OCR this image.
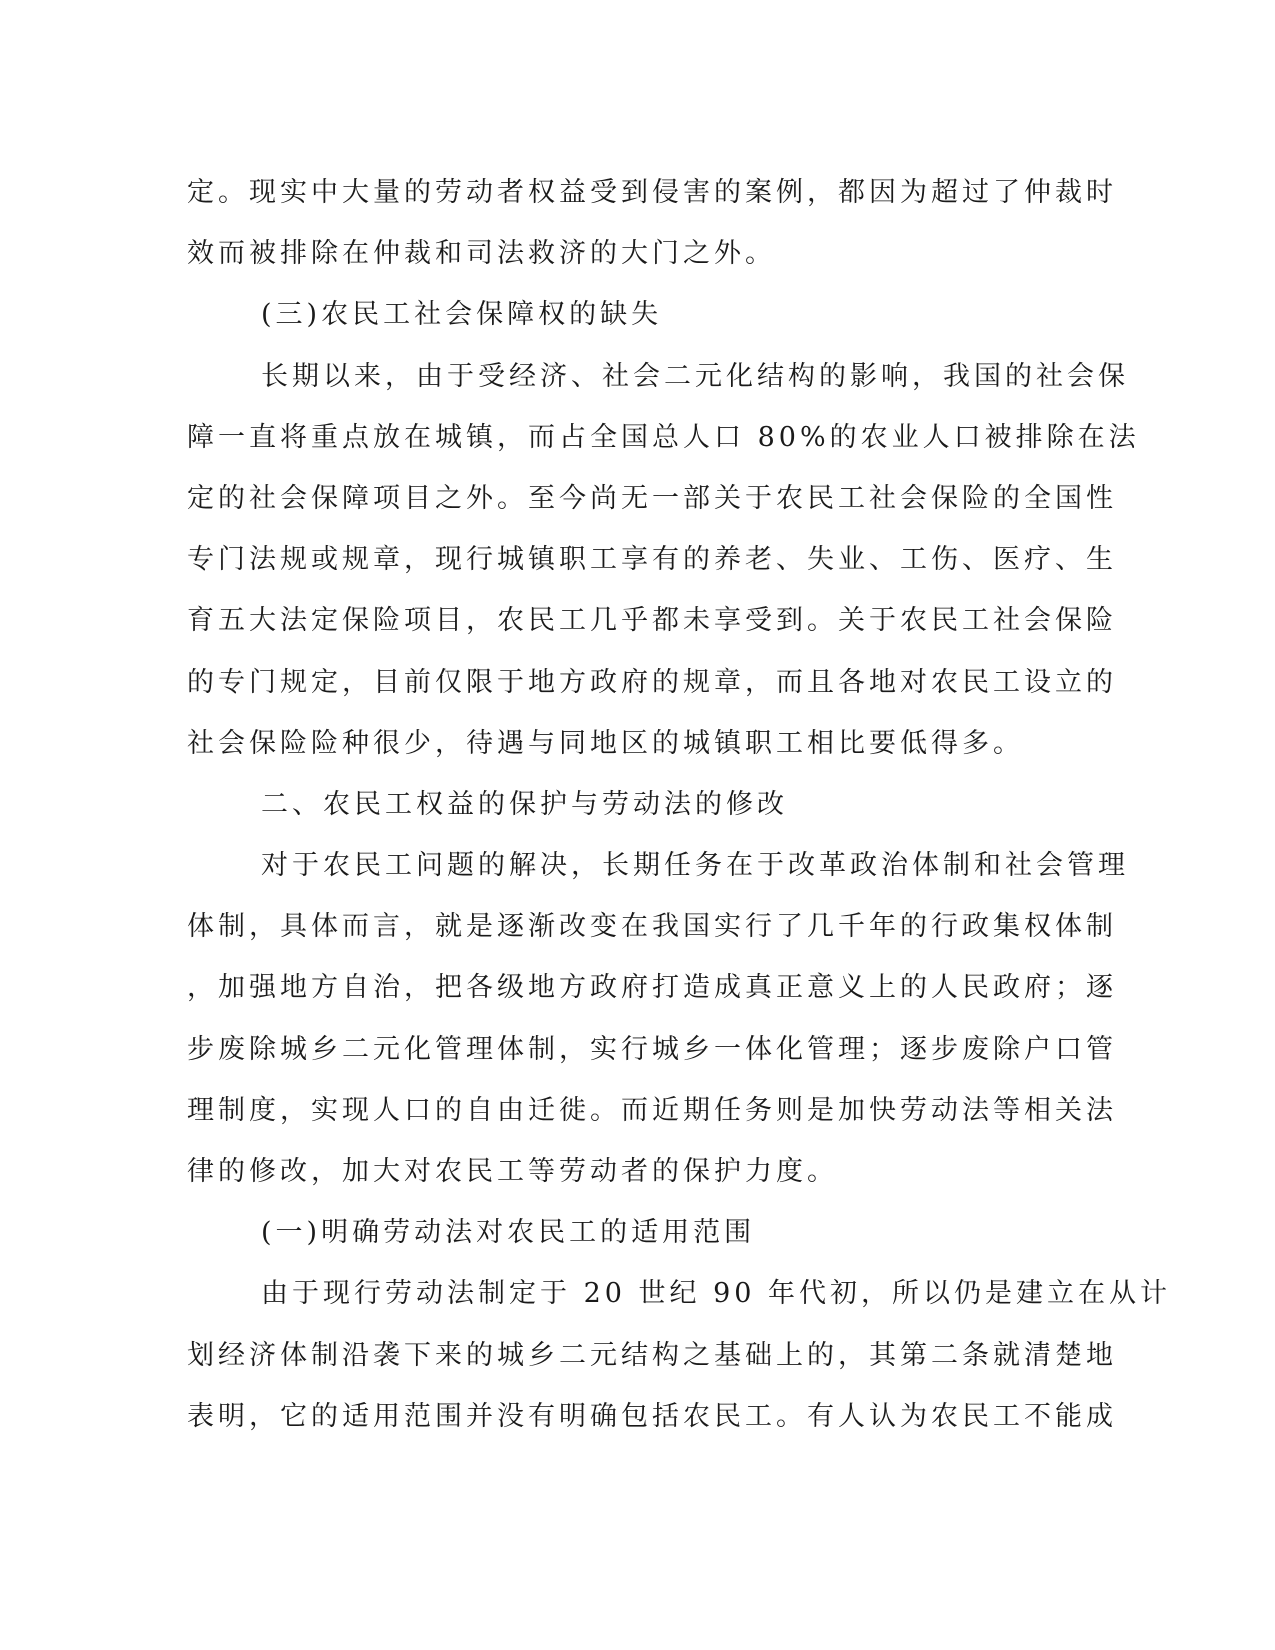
定。现实中大量的劳动者权益受到侵害的案例，都因为超过了仲裁时
效而被排除在仲裁和司法救济的大门之外。
(三)农民工社会保障权的缺失
长期以来，由于受经济、社会二元化结构的影响，我国的社会保
障一直将重点放在城镇，而占全国总人口 80%的农业人口被排除在法
定的社会保障项目之外。至今尚无一部关于农民工社会保险的全国性
专门法规或规章，现行城镇职工享有的养老、失业、工伤、医疗、生
育五大法定保险项目，农民工几乎都未享受到。关于农民工社会保险
的专门规定，目前仅限于地方政府的规章，而且各地对农民工设立的
社会保险险种很少，待遇与同地区的城镇职工相比要低得多。
二、农民工权益的保护与劳动法的修改
对于农民工问题的解决，长期任务在于改革政治体制和社会管理
体制，具体而言，就是逐渐改变在我国实行了几千年的行政集权体制
，加强地方自治，把各级地方政府打造成真正意义上的人民政府；逐
步废除城乡二元化管理体制，实行城乡一体化管理；逐步废除户口管
理制度，实现人口的自由迁徙。而近期任务则是加快劳动法等相关法
律的修改，加大对农民工等劳动者的保护力度。
(一)明确劳动法对农民工的适用范围
由于现行劳动法制定于 20 世纪 90 年代初，所以仍是建立在从计
划经济体制沿袭下来的城乡二元结构之基础上的，其第二条就清楚地
表明，它的适用范围并没有明确包括农民工。有人认为农民工不能成
